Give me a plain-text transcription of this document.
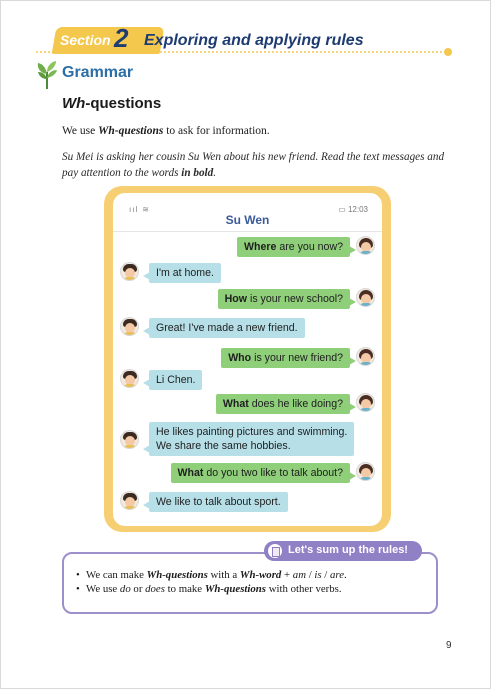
Section 2 Exploring and applying rules
Grammar
Wh-questions
We use Wh-questions to ask for information.
Su Mei is asking her cousin Su Wen about his new friend. Read the text messages and pay attention to the words in bold.
ııl ≋	▭ 12:03
Su Wen
Where are you now?
I'm at home.
How is your new school?
Great! I've made a new friend.
Who is your new friend?
Li Chen.
What does he like doing?
He likes painting pictures and swimming.
We share the same hobbies.
What do you two like to talk about?
We like to talk about sport.
Let's sum up the rules!
• We can make Wh-questions with a Wh-word + am / is / are.
• We use do or does to make Wh-questions with other verbs.
9
